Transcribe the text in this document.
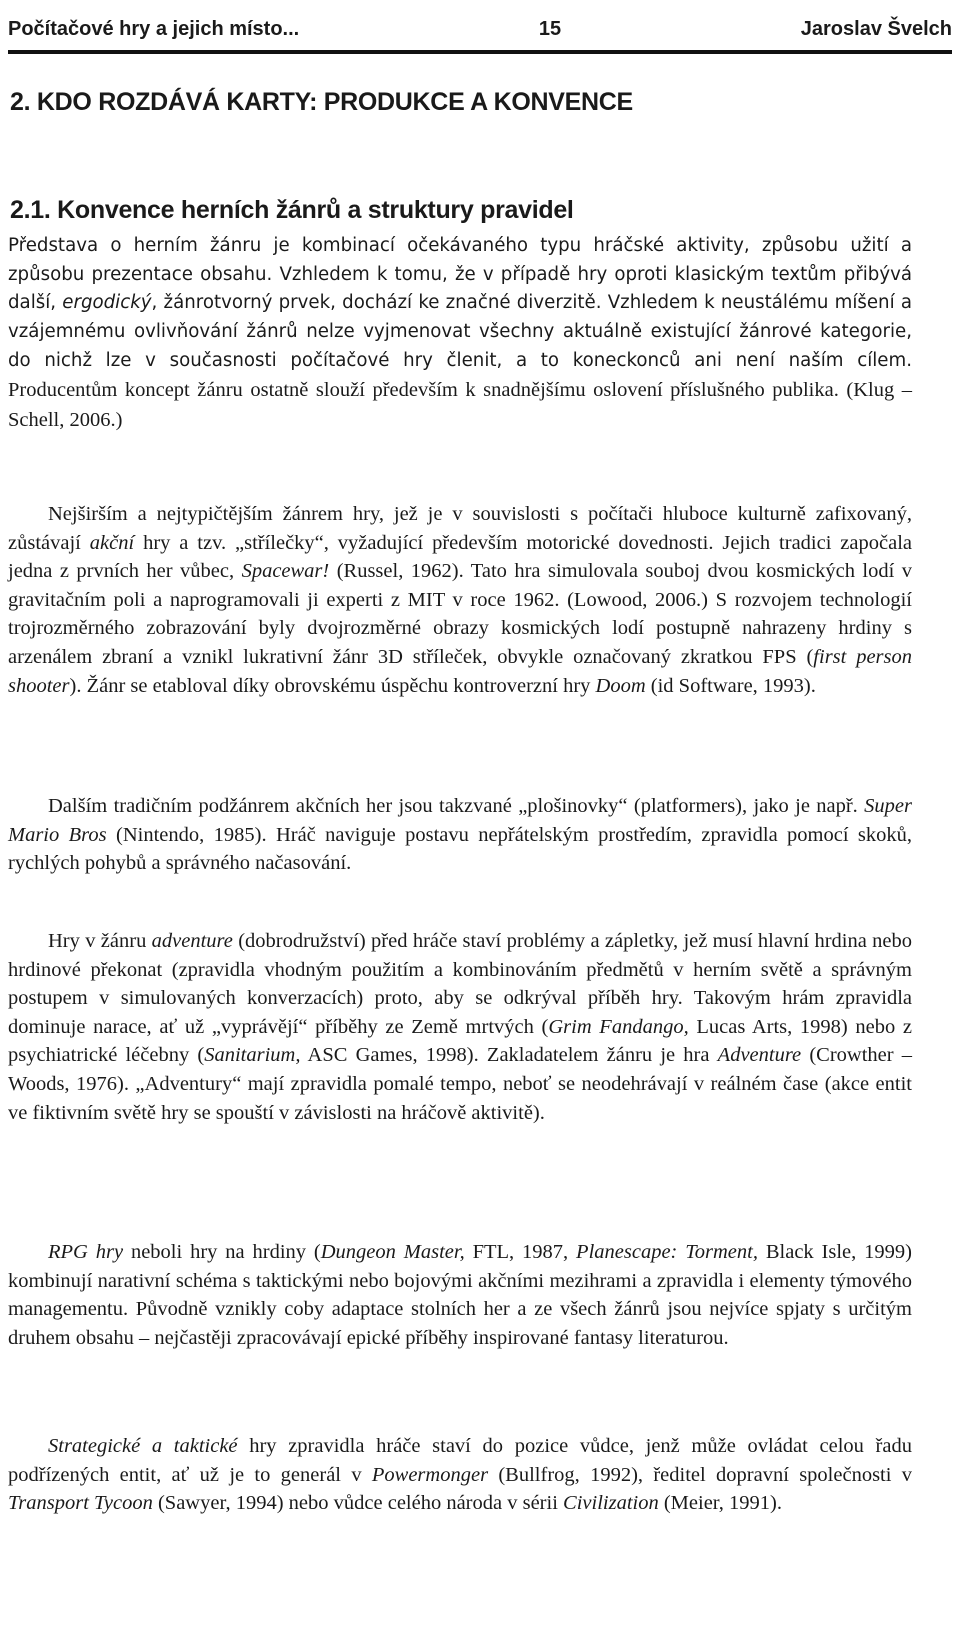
Počítačové hry a jejich místo...	15	Jaroslav Švelch
2. KDO ROZDÁVÁ KARTY: PRODUKCE A KONVENCE
2.1. Konvence herních žánrů a struktury pravidel

Představa o herním žánru je kombinací očekávaného typu hráčské aktivity, způsobu užití a způsobu prezentace obsahu. Vzhledem k tomu, že v případě hry oproti klasickým textům přibývá další, ergodický, žánrotvorný prvek, dochází ke značné diverzitě. Vzhledem k neustálému míšení a vzájemnému ovlivňování žánrů nelze vyjmenovat všechny aktuálně existující žánrové kategorie, do nichž lze v současnosti počítačové hry členit, a to koneckonců ani není naším cílem. Producentům koncept žánru ostatně slouží především k snadnějšímu oslovení příslušného publika. (Klug – Schell, 2006.)

Nejširším a nejtypičtějším žánrem hry, jež je v souvislosti s počítači hluboce kulturně zafixovaný, zůstávají akční hry a tzv. „střílečky“, vyžadující především motorické dovednosti. Jejich tradici započala jedna z prvních her vůbec, Spacewar! (Russel, 1962). Tato hra simulovala souboj dvou kosmických lodí v gravitačním poli a naprogramovali ji experti z MIT v roce 1962. (Lowood, 2006.) S rozvojem technologií trojrozměrného zobrazování byly dvojrozměrné obrazy kosmických lodí postupně nahrazeny hrdiny s arzenálem zbraní a vznikl lukrativní žánr 3D stříleček, obvykle označovaný zkratkou FPS (first person shooter). Žánr se etabloval díky obrovskému úspěchu kontroverzní hry Doom (id Software, 1993).

Dalším tradičním podžánrem akčních her jsou takzvané „plošinovky“ (platformers), jako je např. Super Mario Bros (Nintendo, 1985). Hráč naviguje postavu nepřátelským prostředím, zpravidla pomocí skoků, rychlých pohybů a správného načasování.

Hry v žánru adventure (dobrodružství) před hráče staví problémy a zápletky, jež musí hlavní hrdina nebo hrdinové překonat (zpravidla vhodným použitím a kombinováním předmětů v herním světě a správným postupem v simulovaných konverzacích) proto, aby se odkrýval příběh hry. Takovým hrám zpravidla dominuje narace, ať už „vyprávějí“ příběhy ze Země mrtvých (Grim Fandango, Lucas Arts, 1998) nebo z psychiatrické léčebny (Sanitarium, ASC Games, 1998). Zakladatelem žánru je hra Adventure (Crowther – Woods, 1976). „Adventury“ mají zpravidla pomalé tempo, neboť se neodehrávají v reálném čase (akce entit ve fiktivním světě hry se spouští v závislosti na hráčově aktivitě).

RPG hry neboli hry na hrdiny (Dungeon Master, FTL, 1987, Planescape: Torment, Black Isle, 1999) kombinují narativní schéma s taktickými nebo bojovými akčními mezihrami a zpravidla i elementy týmového managementu. Původně vznikly coby adaptace stolních her a ze všech žánrů jsou nejvíce spjaty s určitým druhem obsahu – nejčastěji zpracovávají epické příběhy inspirované fantasy literaturou.

Strategické a taktické hry zpravidla hráče staví do pozice vůdce, jenž může ovládat celou řadu podřízených entit, ať už je to generál v Powermonger (Bullfrog, 1992), ředitel dopravní společnosti v Transport Tycoon (Sawyer, 1994) nebo vůdce celého národa v sérii Civilization (Meier, 1991).
